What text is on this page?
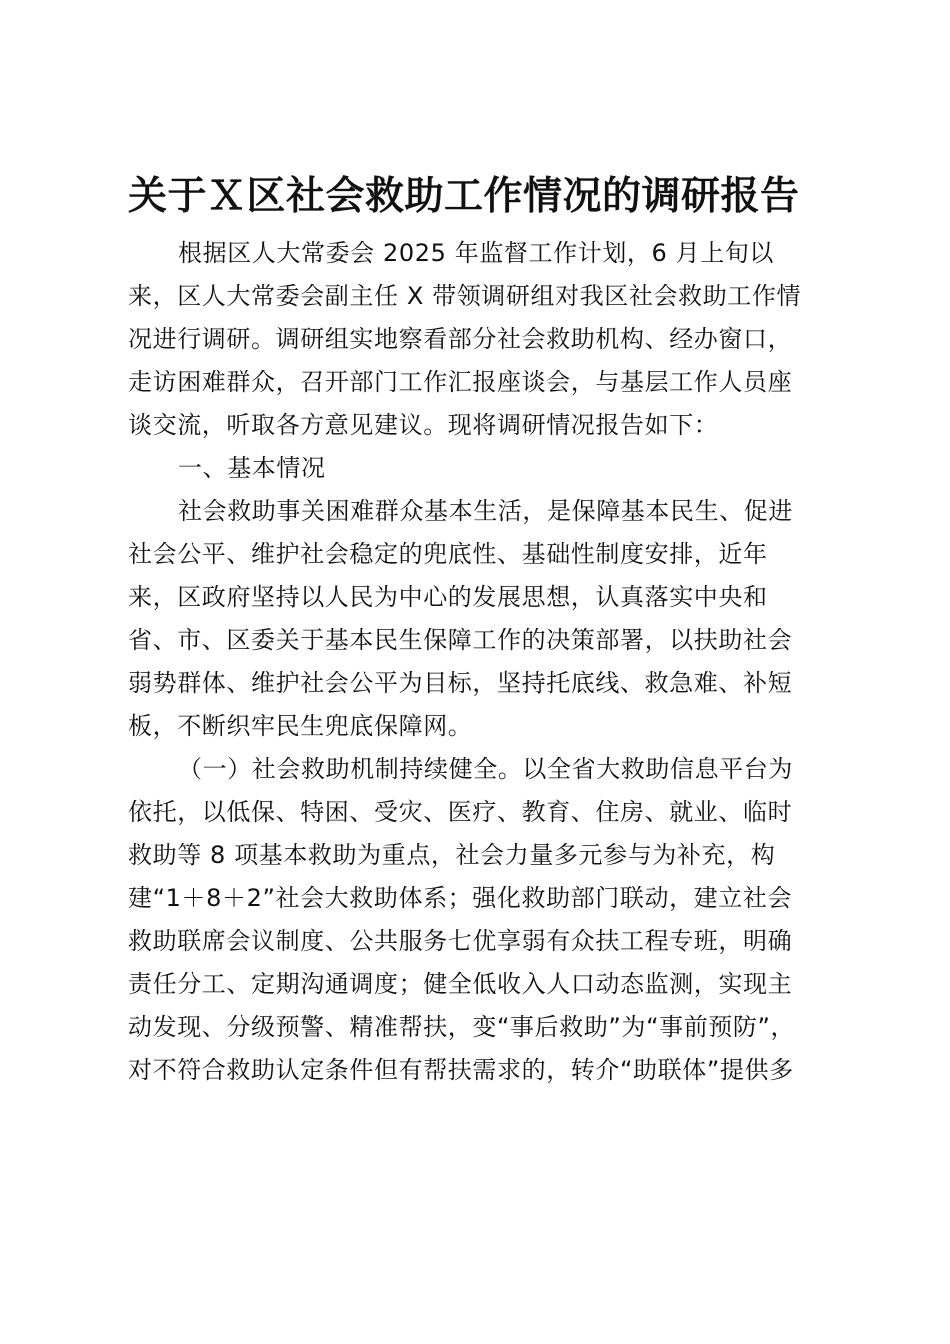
关于Ｘ区社会救助工作情况的调研报告
根据区人大常委会 2025 年监督工作计划，6 月上旬以
来，区人大常委会副主任 X 带领调研组对我区社会救助工作情
况进行调研。调研组实地察看部分社会救助机构、经办窗口，
走访困难群众，召开部门工作汇报座谈会，与基层工作人员座
谈交流，听取各方意见建议。现将调研情况报告如下：
一、基本情况
社会救助事关困难群众基本生活，是保障基本民生、促进
社会公平、维护社会稳定的兜底性、基础性制度安排，近年
来，区政府坚持以人民为中心的发展思想，认真落实中央和
省、市、区委关于基本民生保障工作的决策部署，以扶助社会
弱势群体、维护社会公平为目标，坚持托底线、救急难、补短
板，不断织牢民生兜底保障网。
（一）社会救助机制持续健全。以全省大救助信息平台为
依托，以低保、特困、受灾、医疗、教育、住房、就业、临时
救助等 8 项基本救助为重点，社会力量多元参与为补充，构
建“1＋8＋2”社会大救助体系；强化救助部门联动，建立社会
救助联席会议制度、公共服务七优享弱有众扶工程专班，明确
责任分工、定期沟通调度；健全低收入人口动态监测，实现主
动发现、分级预警、精准帮扶，变“事后救助”为“事前预防”，
对不符合救助认定条件但有帮扶需求的，转介“助联体”提供多
